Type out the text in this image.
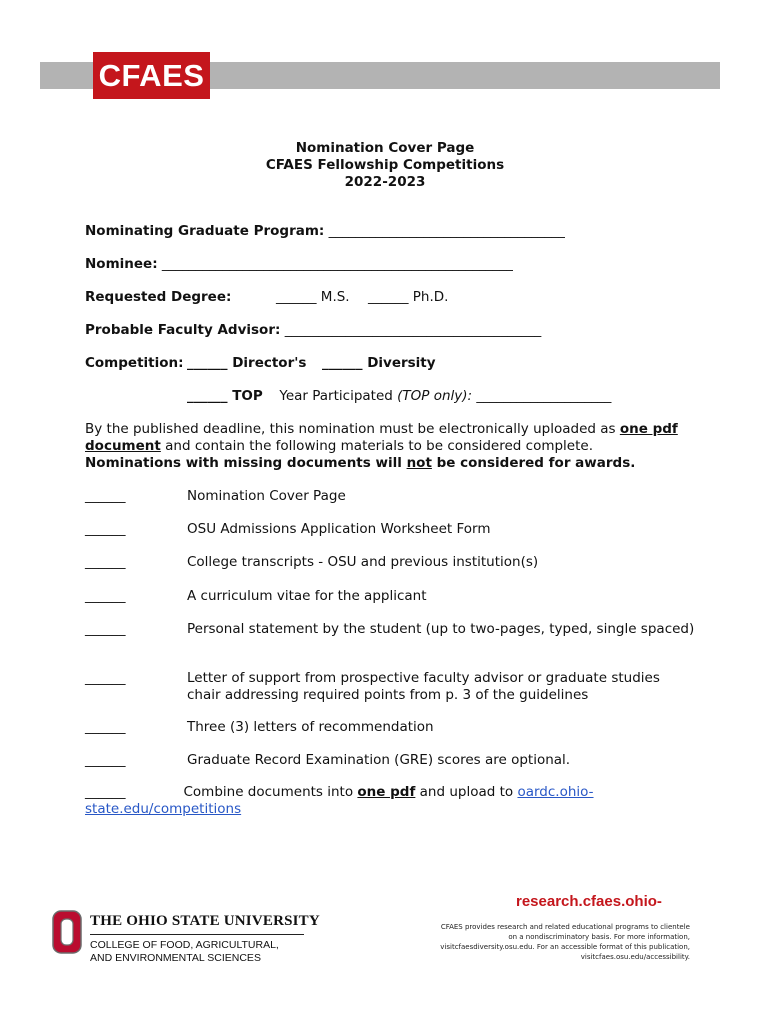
CFAES
Nomination Cover Page
CFAES Fellowship Competitions
2022-2023
Nominating Graduate Program: ___________________________________
Nominee: ____________________________________________________
Requested Degree:	______ M.S. ______ Ph.D.
Probable Faculty Advisor: ______________________________________
Competition: ______ Director's ______ Diversity
______ TOP Year Participated (TOP only): ____________________
By the published deadline, this nomination must be electronically uploaded as one pdf document and contain the following materials to be considered complete.
Nominations with missing documents will not be considered for awards.
______	Nomination Cover Page
______	OSU Admissions Application Worksheet Form
______	College transcripts - OSU and previous institution(s)
______	A curriculum vitae for the applicant
______	Personal statement by the student (up to two-pages, typed, single spaced)
______	Letter of support from prospective faculty advisor or graduate studies chair addressing required points from p. 3 of the guidelines
______	Three (3) letters of recommendation
______	Graduate Record Examination (GRE) scores are optional.
______	Combine documents into one pdf and upload to oardc.ohio-state.edu/competitions
THE OHIO STATE UNIVERSITY
COLLEGE OF FOOD, AGRICULTURAL,
AND ENVIRONMENTAL SCIENCES
research.cfaes.ohio-
CFAES provides research and related educational programs to clientele on a nondiscriminatory basis. For more information, visitcfaesdiversity.osu.edu. For an accessible format of this publication, visitcfaes.osu.edu/accessibility.
